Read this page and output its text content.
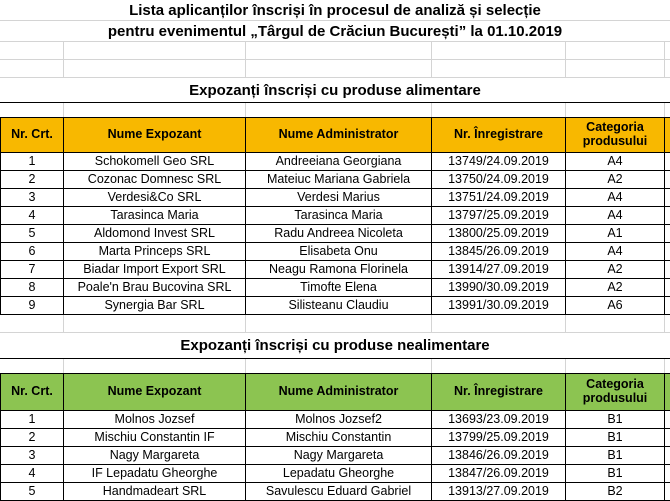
Lista aplicanților înscriși în procesul de analiză și selecție
pentru evenimentul „Târgul de Crăciun București” la 01.10.2019
Expozanți înscriși cu produse alimentare
Nr. Crt.	Nume Expozant	Nume Administrator	Nr. Înregistrare	Categoria produsului
1	Schokomell Geo SRL	Andreeiana Georgiana	13749/24.09.2019	A4
2	Cozonac Domnesc SRL	Mateiuc Mariana Gabriela	13750/24.09.2019	A2
3	Verdesi&Co SRL	Verdesi Marius	13751/24.09.2019	A4
4	Tarasinca Maria	Tarasinca Maria	13797/25.09.2019	A4
5	Aldomond Invest SRL	Radu Andreea Nicoleta	13800/25.09.2019	A1
6	Marta Princeps SRL	Elisabeta Onu	13845/26.09.2019	A4
7	Biadar Import Export SRL	Neagu Ramona Florinela	13914/27.09.2019	A2
8	Poale'n Brau Bucovina SRL	Timofte Elena	13990/30.09.2019	A2
9	Synergia Bar SRL	Silisteanu Claudiu	13991/30.09.2019	A6
Expozanți înscriși cu produse nealimentare
Nr. Crt.	Nume Expozant	Nume Administrator	Nr. Înregistrare	Categoria produsului
1	Molnos Jozsef	Molnos Jozsef2	13693/23.09.2019	B1
2	Mischiu Constantin IF	Mischiu Constantin	13799/25.09.2019	B1
3	Nagy Margareta	Nagy Margareta	13846/26.09.2019	B1
4	IF Lepadatu Gheorghe	Lepadatu Gheorghe	13847/26.09.2019	B1
5	Handmadeart SRL	Savulescu Eduard Gabriel	13913/27.09.2019	B2
